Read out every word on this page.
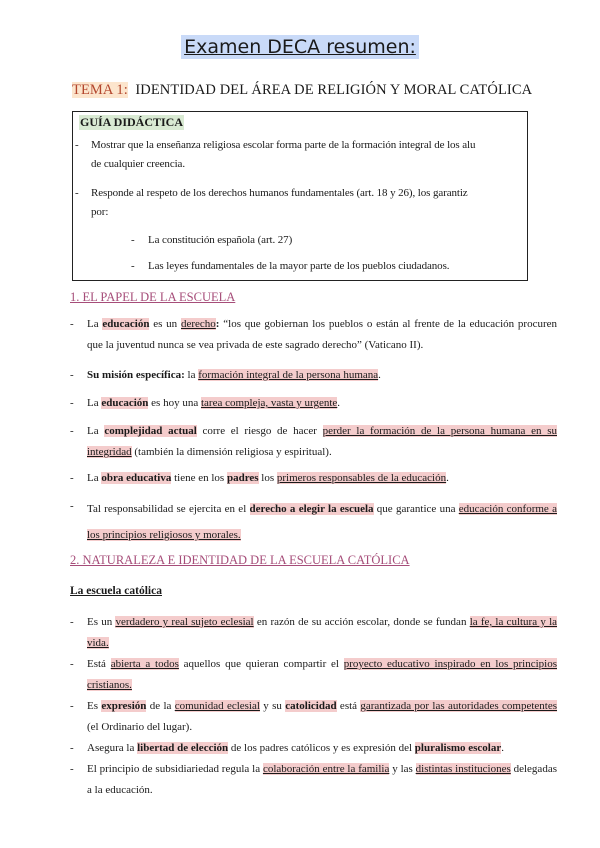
Examen DECA resumen:
TEMA 1: IDENTIDAD DEL ÁREA DE RELIGIÓN Y MORAL CATÓLICA
GUÍA DIDÁCTICA
- Mostrar que la enseñanza religiosa escolar forma parte de la formación integral de los alu
de cualquier creencia.
- Responde al respeto de los derechos humanos fundamentales (art. 18 y 26), los garantiz
por:
- La constitución española (art. 27)
- Las leyes fundamentales de la mayor parte de los pueblos ciudadanos.
1. EL PAPEL DE LA ESCUELA
- La educación es un derecho: “los que gobiernan los pueblos o están al frente de la educación procuren que la juventud nunca se vea privada de este sagrado derecho” (Vaticano II).
- Su misión específica: la formación integral de la persona humana.
- La educación es hoy una tarea compleja, vasta y urgente.
- La complejidad actual corre el riesgo de hacer perder la formación de la persona humana en su integridad (también la dimensión religiosa y espiritual).
- La obra educativa tiene en los padres los primeros responsables de la educación.
- Tal responsabilidad se ejercita en el derecho a elegir la escuela que garantice una educación conforme a los principios religiosos y morales.
2. NATURALEZA E IDENTIDAD DE LA ESCUELA CATÓLICA
La escuela católica
- Es un verdadero y real sujeto eclesial en razón de su acción escolar, donde se fundan la fe, la cultura y la vida.
- Está abierta a todos aquellos que quieran compartir el proyecto educativo inspirado en los principios cristianos.
- Es expresión de la comunidad eclesial y su catolicidad está garantizada por las autoridades competentes (el Ordinario del lugar).
- Asegura la libertad de elección de los padres católicos y es expresión del pluralismo escolar.
- El principio de subsidiariedad regula la colaboración entre la familia y las distintas instituciones delegadas a la educación.
